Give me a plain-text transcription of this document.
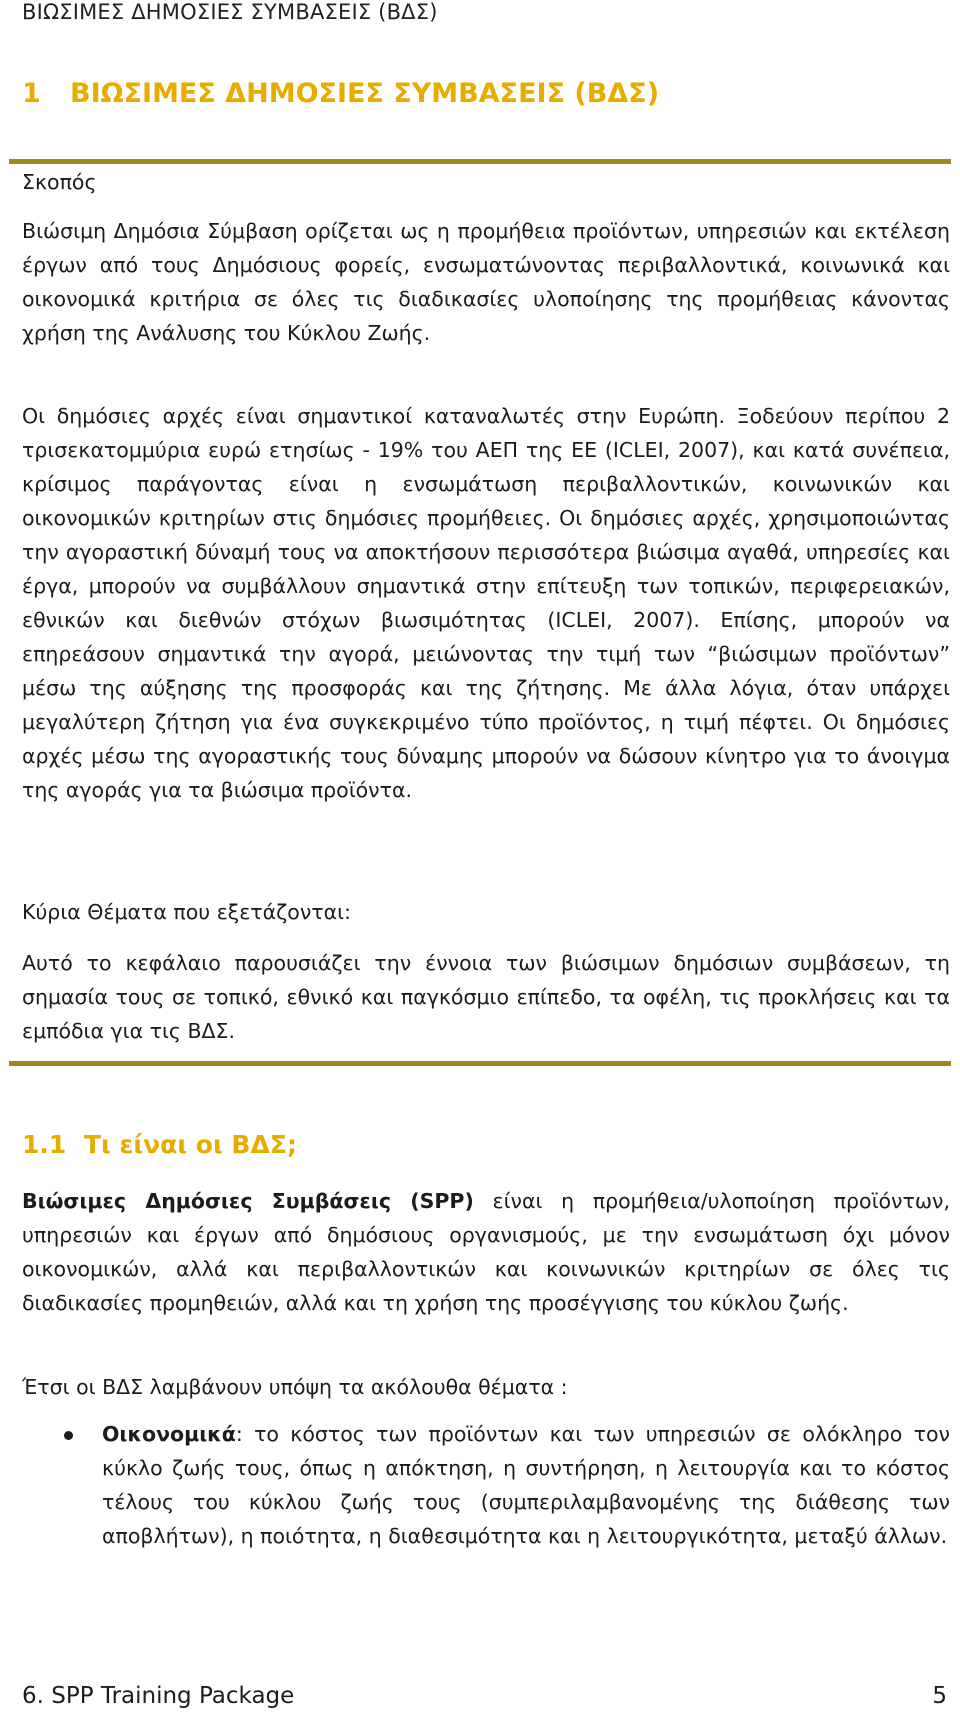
ΒΙΩΣΙΜΕΣ ΔΗΜΟΣΙΕΣ ΣΥΜΒΑΣΕΙΣ (ΒΔΣ)
1 ΒΙΩΣΙΜΕΣ ΔΗΜΟΣΙΕΣ ΣΥΜΒΑΣΕΙΣ (ΒΔΣ)
Σκοπός
Βιώσιμη Δημόσια Σύμβαση ορίζεται ως η προμήθεια προϊόντων, υπηρεσιών και εκτέλεση έργων από τους Δημόσιους φορείς, ενσωματώνοντας περιβαλλοντικά, κοινωνικά και οικονομικά κριτήρια σε όλες τις διαδικασίες υλοποίησης της προμήθειας κάνοντας χρήση της Ανάλυσης του Κύκλου Ζωής.
Οι δημόσιες αρχές είναι σημαντικοί καταναλωτές στην Ευρώπη. Ξοδεύουν περίπου 2 τρισεκατομμύρια ευρώ ετησίως - 19% του ΑΕΠ της ΕΕ (ICLEI, 2007), και κατά συνέπεια, κρίσιμος παράγοντας είναι η ενσωμάτωση περιβαλλοντικών, κοινωνικών και οικονομικών κριτηρίων στις δημόσιες προμήθειες. Οι δημόσιες αρχές, χρησιμοποιώντας την αγοραστική δύναμή τους να αποκτήσουν περισσότερα βιώσιμα αγαθά, υπηρεσίες και έργα, μπορούν να συμβάλλουν σημαντικά στην επίτευξη των τοπικών, περιφερειακών, εθνικών και διεθνών στόχων βιωσιμότητας (ICLEI, 2007). Επίσης, μπορούν να επηρεάσουν σημαντικά την αγορά, μειώνοντας την τιμή των “βιώσιμων προϊόντων” μέσω της αύξησης της προσφοράς και της ζήτησης. Με άλλα λόγια, όταν υπάρχει μεγαλύτερη ζήτηση για ένα συγκεκριμένο τύπο προϊόντος, η τιμή πέφτει. Οι δημόσιες αρχές μέσω της αγοραστικής τους δύναμης μπορούν να δώσουν κίνητρο για το άνοιγμα της αγοράς για τα βιώσιμα προϊόντα.
Κύρια Θέματα που εξετάζονται:
Αυτό το κεφάλαιο παρουσιάζει την έννοια των βιώσιμων δημόσιων συμβάσεων, τη σημασία τους σε τοπικό, εθνικό και παγκόσμιο επίπεδο, τα οφέλη, τις προκλήσεις και τα εμπόδια για τις ΒΔΣ.
1.1 Τι είναι οι ΒΔΣ;
Βιώσιμες Δημόσιες Συμβάσεις (SPP) είναι η προμήθεια/υλοποίηση προϊόντων, υπηρεσιών και έργων από δημόσιους οργανισμούς, με την ενσωμάτωση όχι μόνον οικονομικών, αλλά και περιβαλλοντικών και κοινωνικών κριτηρίων σε όλες τις διαδικασίες προμηθειών, αλλά και τη χρήση της προσέγγισης του κύκλου ζωής.
Έτσι οι ΒΔΣ λαμβάνουν υπόψη τα ακόλουθα θέματα :
Οικονομικά: το κόστος των προϊόντων και των υπηρεσιών σε ολόκληρο τον κύκλο ζωής τους, όπως η απόκτηση, η συντήρηση, η λειτουργία και το κόστος τέλους του κύκλου ζωής τους (συμπεριλαμβανομένης της διάθεσης των αποβλήτων), η ποιότητα, η διαθεσιμότητα και η λειτουργικότητα, μεταξύ άλλων.
6. SPP Training Package	5
